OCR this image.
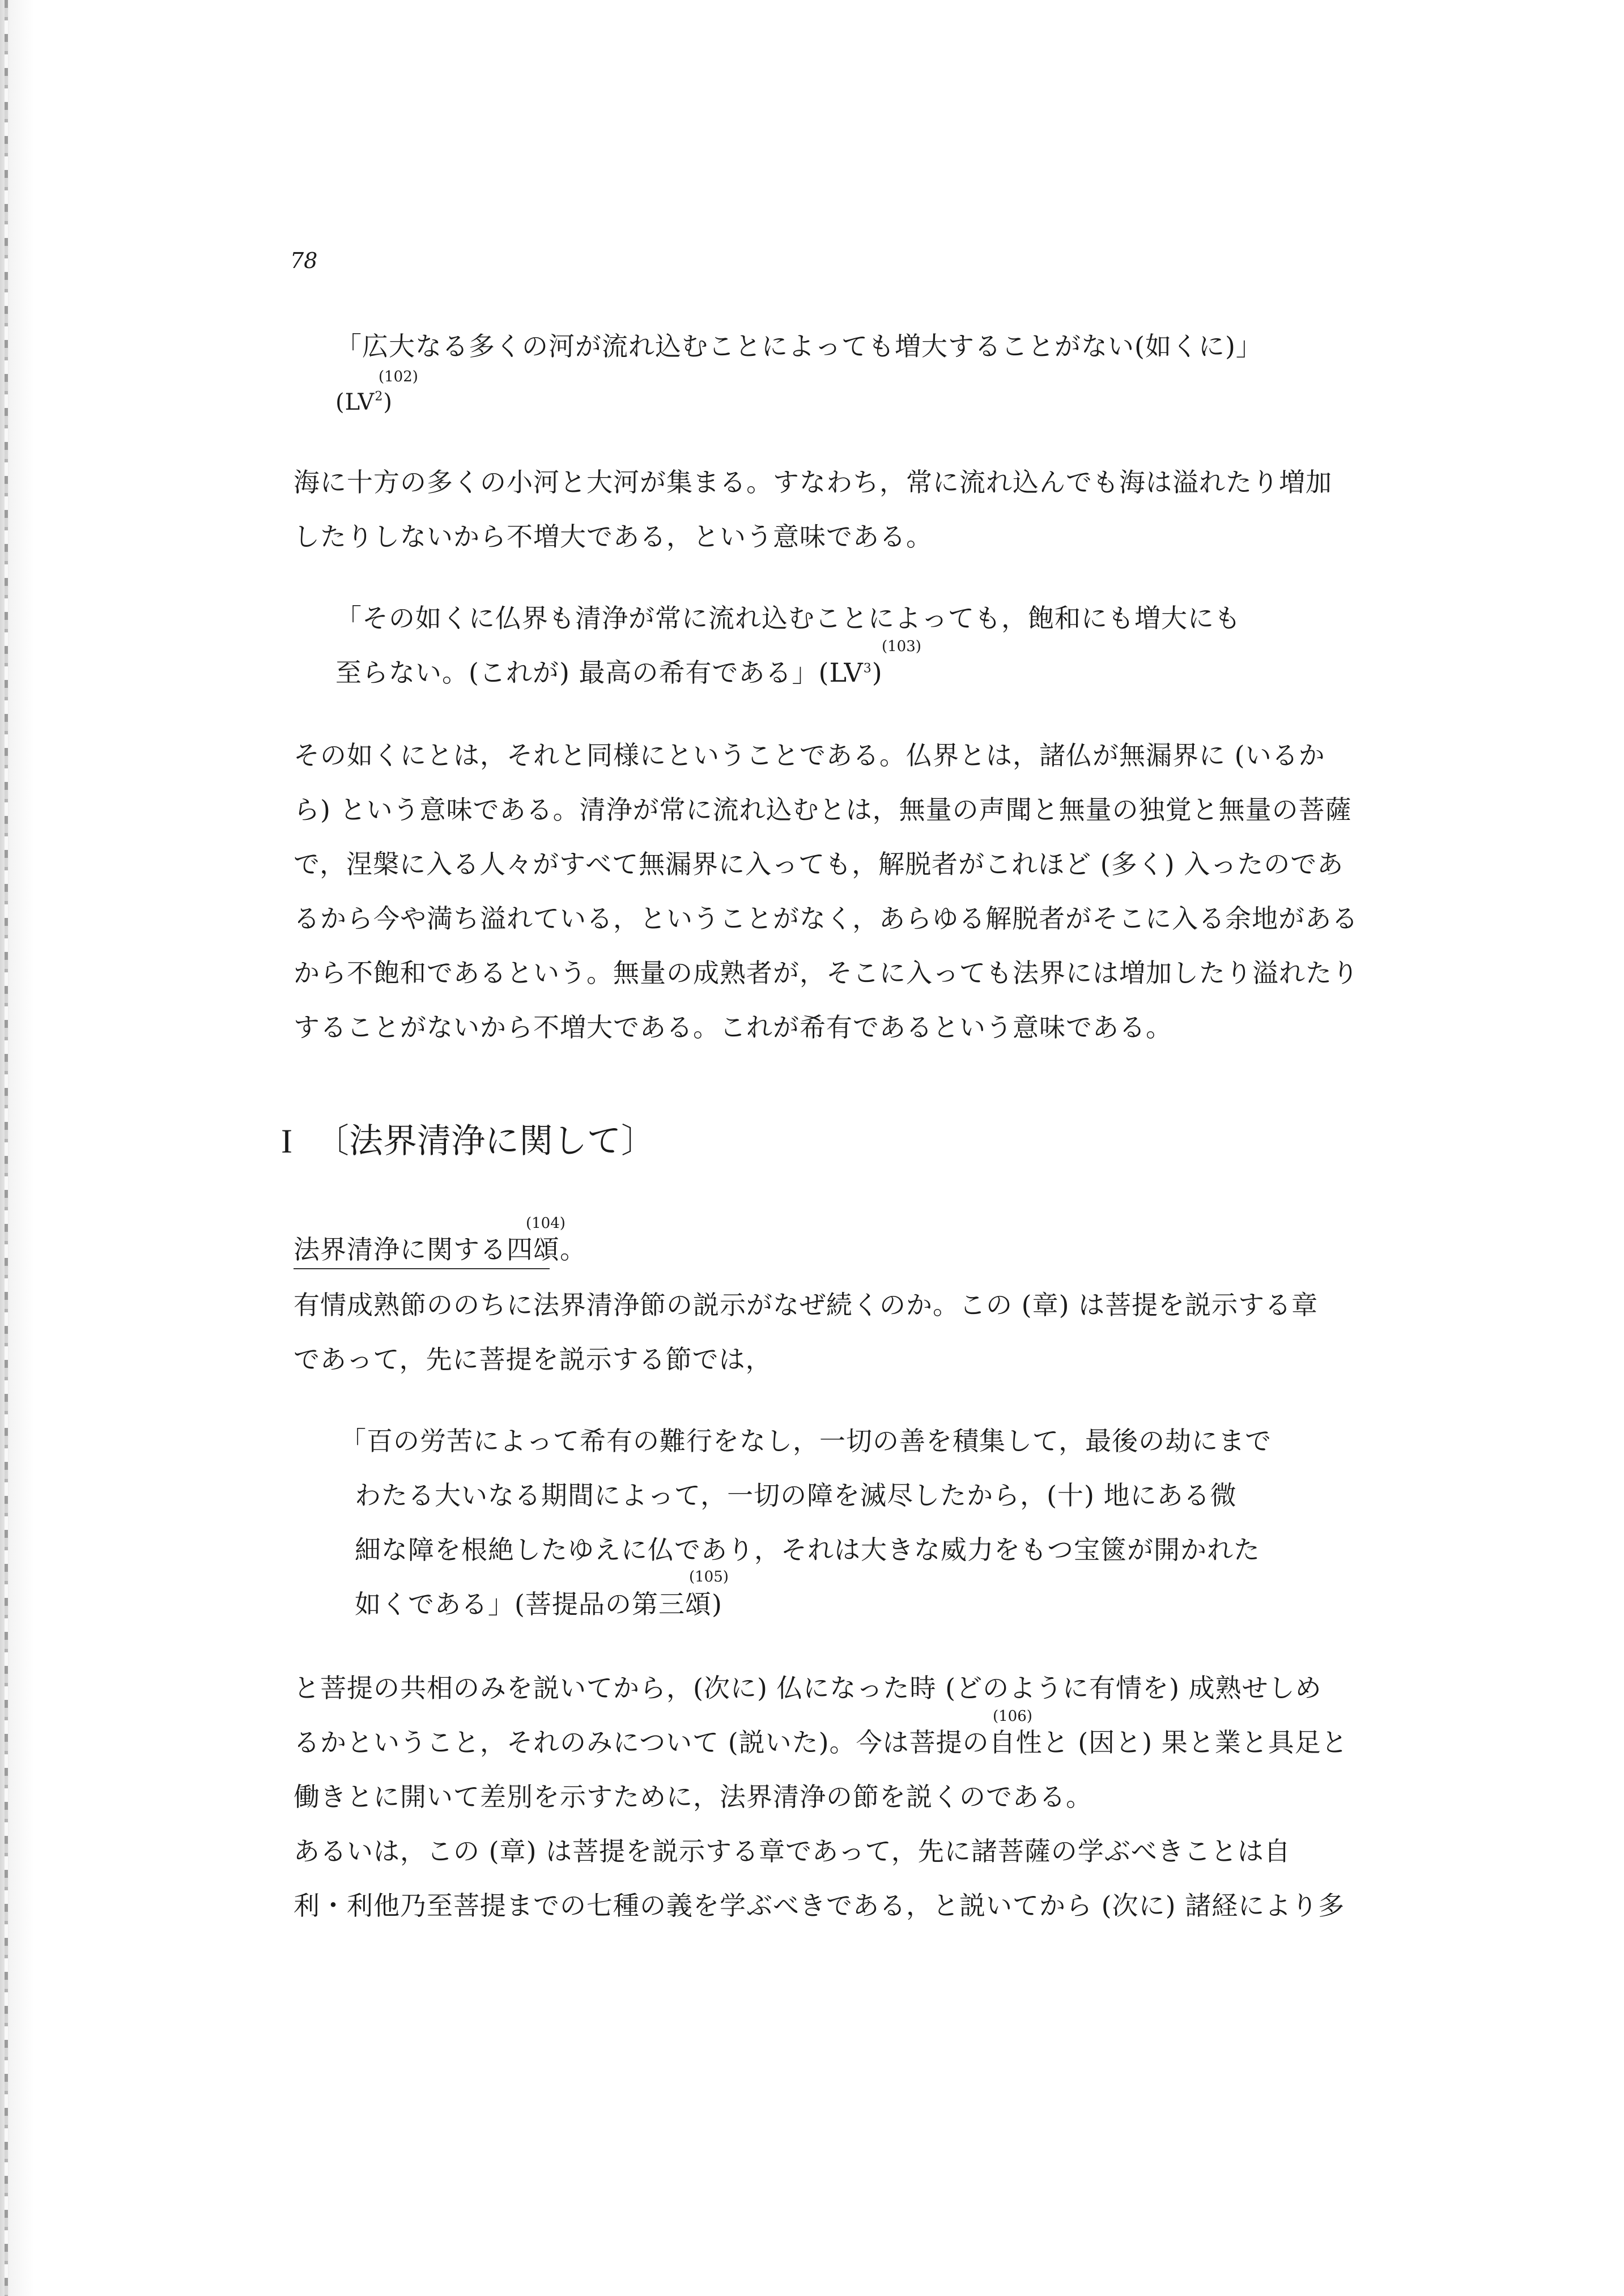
78
「広大なる多くの河が流れ込むことによっても増大することがない(如くに)」
(102)
$(LV^2)$
海に十方の多くの小河と大河が集まる。すなわち，常に流れ込んでも海は溢れたり増加
したりしないから不増大である，という意味である。
「その如くに仏界も清浄が常に流れ込むことによっても，飽和にも増大にも
(103)
至らない。(これが) 最高の希有である」$(LV^3)$
その如くにとは，それと同様にということである。仏界とは，諸仏が無漏界に (いるか
ら) という意味である。清浄が常に流れ込むとは，無量の声聞と無量の独覚と無量の菩薩
で，涅槃に入る人々がすべて無漏界に入っても，解脱者がこれほど (多く) 入ったのであ
るから今や満ち溢れている，ということがなく，あらゆる解脱者がそこに入る余地がある
から不飽和であるという。無量の成熟者が，そこに入っても法界には増加したり溢れたり
することがないから不増大である。これが希有であるという意味である。
I 〔法界清浄に関して〕
(104)
法界清浄に関する四頌。
有情成熟節ののちに法界清浄節の説示がなぜ続くのか。この (章) は菩提を説示する章
であって，先に菩提を説示する節では，
「百の労苦によって希有の難行をなし，一切の善を積集して，最後の劫にまで
わたる大いなる期間によって，一切の障を滅尽したから，(十) 地にある微
細な障を根絶したゆえに仏であり，それは大きな威力をもつ宝篋が開かれた
(105)
如くである」(菩提品の第三頌)
と菩提の共相のみを説いてから，(次に) 仏になった時 (どのように有情を) 成熟せしめ
(106)
るかということ，それのみについて (説いた)。今は菩提の自性と (因と) 果と業と具足と
働きとに開いて差別を示すために，法界清浄の節を説くのである。
あるいは，この (章) は菩提を説示する章であって，先に諸菩薩の学ぶべきことは自
利・利他乃至菩提までの七種の義を学ぶべきである，と説いてから (次に) 諸経により多
